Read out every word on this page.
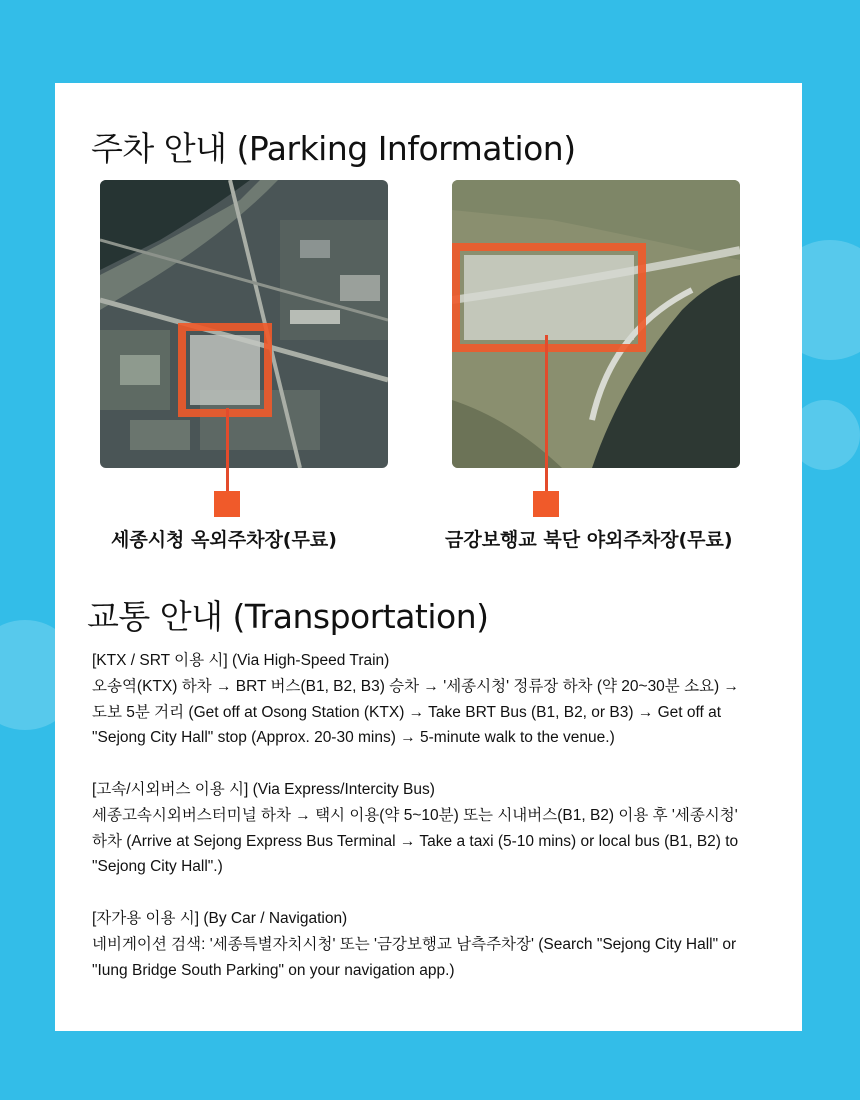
주차 안내 (Parking Information)
세종시청 옥외주차장(무료)	금강보행교 북단 야외주차장(무료)
교통 안내 (Transportation)

[KTX / SRT 이용 시] (Via High-Speed Train)

오송역(KTX) 하차 → BRT 버스(B1, B2, B3) 승차 → '세종시청' 정류장 하차 (약 20~30분 소요) → 도보 5분 거리 (Get off at Osong Station (KTX) → Take BRT Bus (B1, B2, or B3) → Get off at "Sejong City Hall" stop (Approx. 20-30 mins) → 5-minute walk to the venue.)

[고속/시외버스 이용 시] (Via Express/Intercity Bus)

세종고속시외버스터미널 하차 → 택시 이용(약 5~10분) 또는 시내버스(B1, B2) 이용 후 '세종시청' 하차 (Arrive at Sejong Express Bus Terminal → Take a taxi (5-10 mins) or local bus (B1, B2) to "Sejong City Hall".)

[자가용 이용 시] (By Car / Navigation)

네비게이션 검색: '세종특별자치시청' 또는 '금강보행교 남측주차장' (Search "Sejong City Hall" or "Iung Bridge South Parking" on your navigation app.)
